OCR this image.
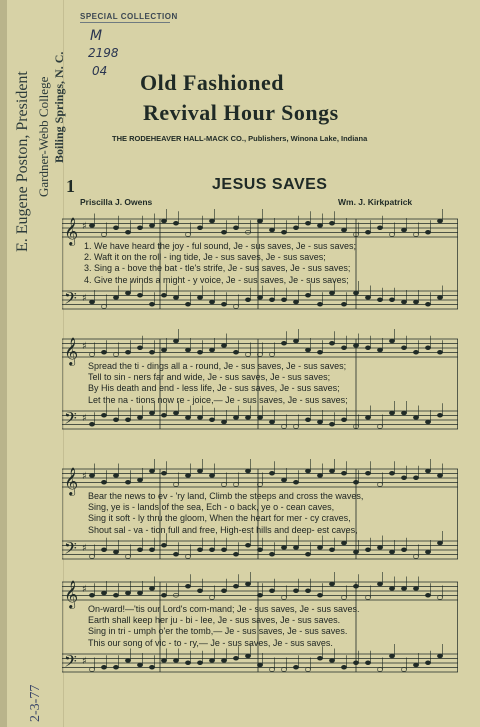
E. Eugene Poston, President Gardner-Webb College Boiling Springs, N. C.
2-3-77
SPECIAL COLLECTION
M
2198
04 Old Fashioned
Revival Hour Songs
THE RODEHEAVER HALL-MACK CO., Publishers, Winona Lake, Indiana
1	JESUS SAVES
Priscilla J. Owens	Wm. J. Kirkpatrick
𝄞
𝄢
♯
♯
1. We have heard the joy - ful sound, Je - sus saves, Je - sus saves;
2. Waft it on the roll - ing tide, Je - sus saves, Je - sus saves;
3. Sing a - bove the bat - tle's strife, Je - sus saves, Je - sus saves;
4. Give the winds a might - y voice, Je - sus saves, Je - sus saves;
𝄞
𝄢
♯
♯
Spread the ti - dings all a - round, Je - sus saves, Je - sus saves;
Tell to sin - ners far and wide, Je - sus saves, Je - sus saves;
By His death and end - less life, Je - sus saves, Je - sus saves;
Let the na - tions now re - joice,— Je - sus saves, Je - sus saves;
𝄞
𝄢
♯
♯
Bear the news to ev - 'ry land, Climb the steeps and cross the waves,
Sing, ye is - lands of the sea, Ech - o back, ye o - cean caves,
Sing it soft - ly thru the gloom, When the heart for mer - cy craves,
Shout sal - va - tion full and free, High-est hills and deep- est caves,
𝄞
𝄢
♯
♯
On-ward!—'tis our Lord's com-mand; Je - sus saves, Je - sus saves.
Earth shall keep her ju - bi - lee, Je - sus saves, Je - sus saves.
Sing in tri - umph o'er the tomb,— Je - sus saves, Je - sus saves.
This our song of vic - to - ry,— Je - sus saves, Je - sus saves.
